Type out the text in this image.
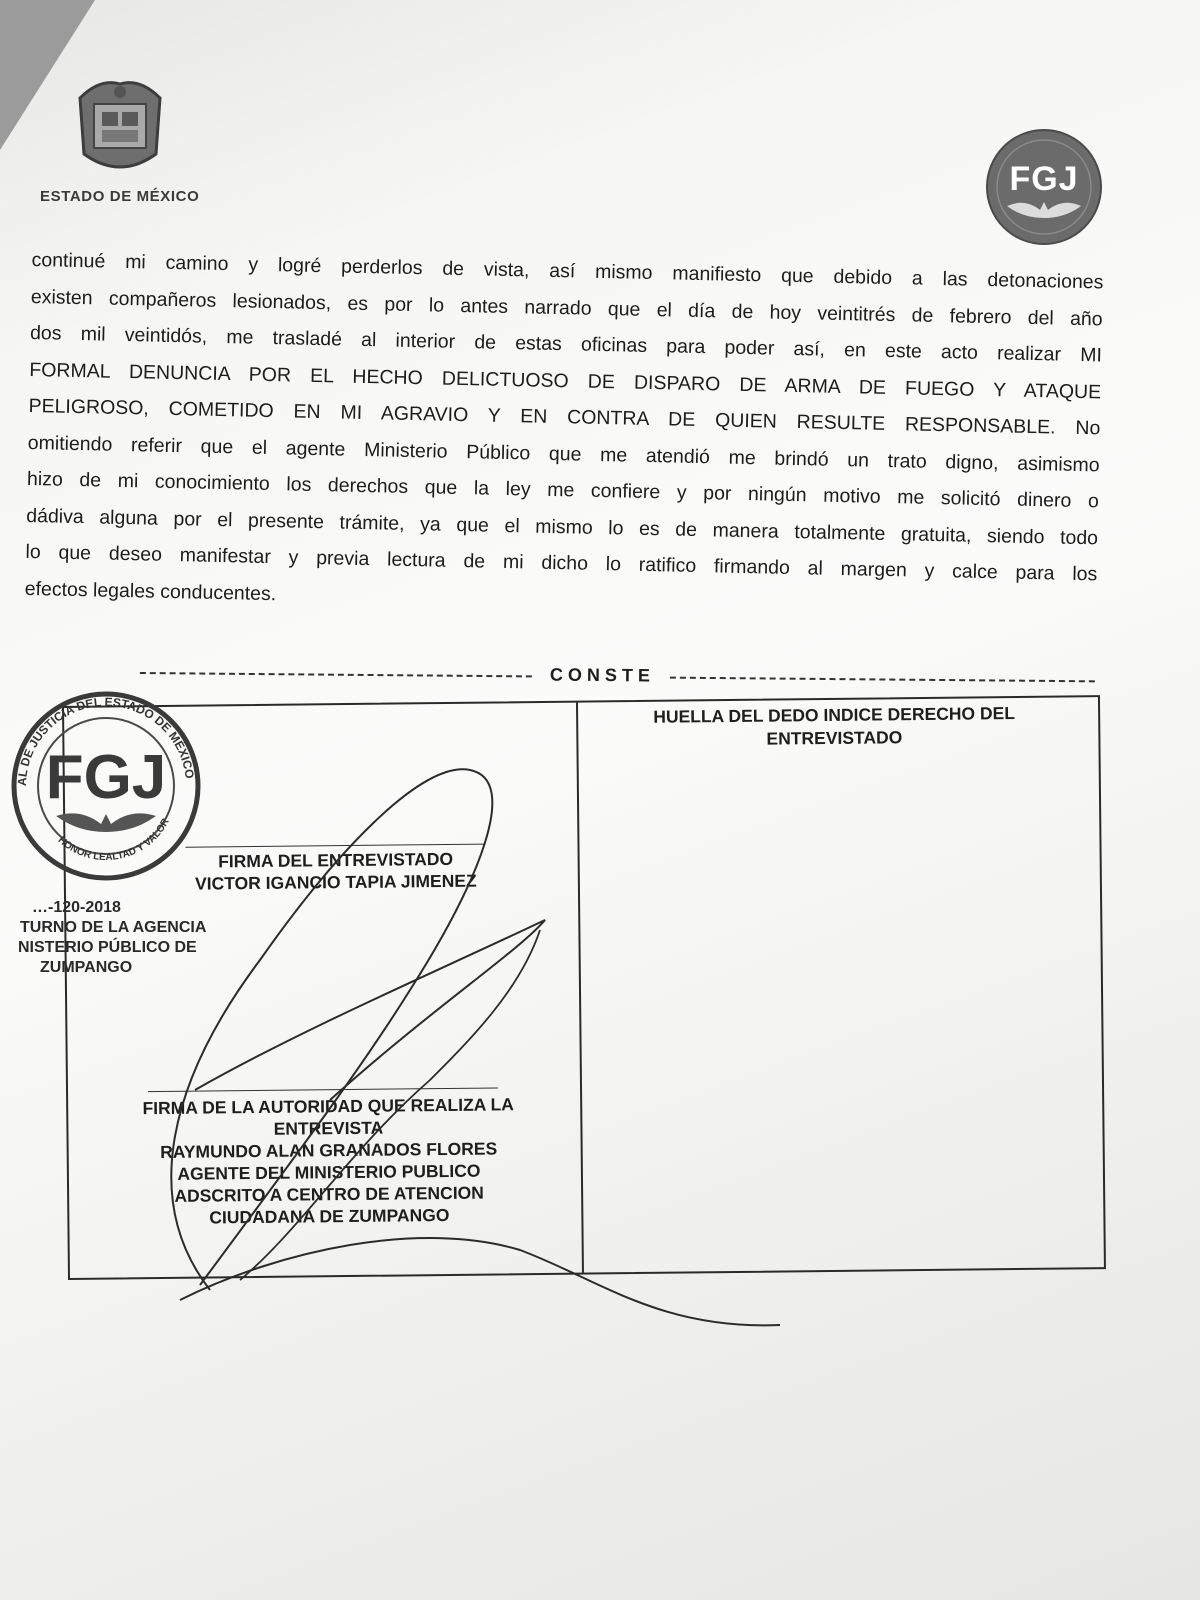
ESTADO DE MÉXICO	FGJ
continué mi camino y logré perderlos de vista, así mismo manifiesto que debido a las detonaciones
existen compañeros lesionados, es por lo antes narrado que el día de hoy veintitrés de febrero del año
dos mil veintidós, me trasladé al interior de estas oficinas para poder así, en este acto realizar MI
FORMAL DENUNCIA POR EL HECHO DELICTUOSO DE DISPARO DE ARMA DE FUEGO Y ATAQUE
PELIGROSO, COMETIDO EN MI AGRAVIO Y EN CONTRA DE QUIEN RESULTE RESPONSABLE. No
omitiendo referir que el agente Ministerio Público que me atendió me brindó un trato digno, asimismo
hizo de mi conocimiento los derechos que la ley me confiere y por ningún motivo me solicitó dinero o
dádiva alguna por el presente trámite, ya que el mismo lo es de manera totalmente gratuita, siendo todo
lo que deseo manifestar y previa lectura de mi dicho lo ratifico firmando al margen y calce para los
efectos legales conducentes.
CONSTE
HUELLA DEL DEDO INDICE DERECHO DEL
ENTREVISTADO
FIRMA DEL ENTREVISTADO
VICTOR IGANCIO TAPIA JIMENEZ
FIRMA DE LA AUTORIDAD QUE REALIZA LA
ENTREVISTA
RAYMUNDO ALAN GRANADOS FLORES
AGENTE DEL MINISTERIO PUBLICO
ADSCRITO A CENTRO DE ATENCION
CIUDADANA DE ZUMPANGO
AL DE JUSTICIA DEL ESTADO DE MÉXICO
FGJ
HONOR LEALTAD Y VALOR
…-120-2018
TURNO DE LA AGENCIA
NISTERIO PÚBLICO DE
ZUMPANGO
